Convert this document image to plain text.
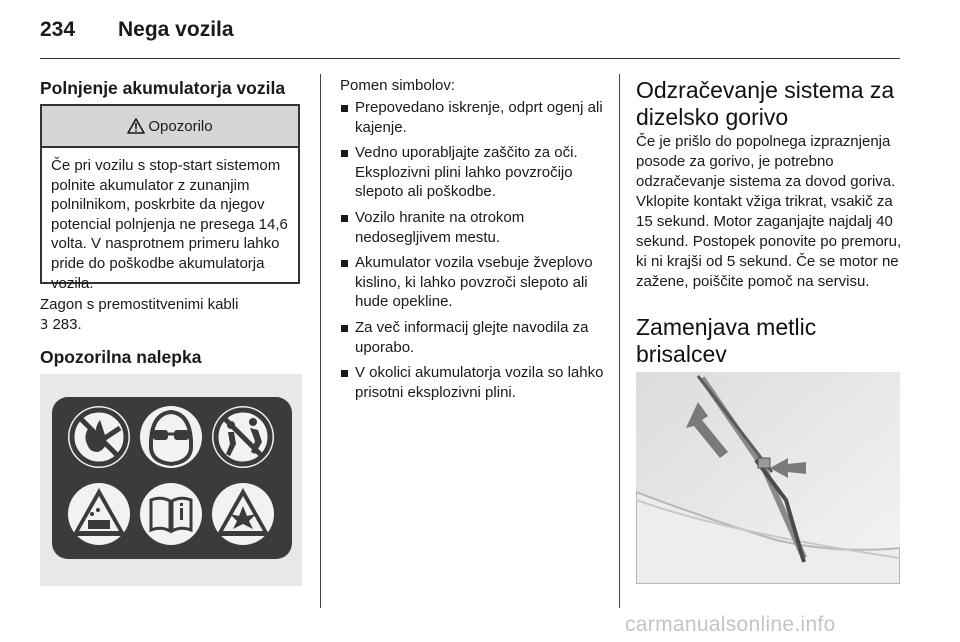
234 Nega vozila
Polnjenje akumulatorja vozila
Opozorilo
Če pri vozilu s stop-start sistemom polnite akumulator z zunanjim polnilnikom, poskrbite da njegov potencial polnjenja ne presega 14,6 volta. V nasprotnem primeru lahko pride do poškodbe akumulatorja vozila.
Zagon s premostitvenimi kabli
3 283.
Opozorilna nalepka
Pomen simbolov:
Prepovedano iskrenje, odprt ogenj ali kajenje.
Vedno uporabljajte zaščito za oči. Eksplozivni plini lahko povzročijo slepoto ali poškodbe.
Vozilo hranite na otrokom nedosegljivem mestu.
Akumulator vozila vsebuje žveplovo kislino, ki lahko povzroči slepoto ali hude opekline.
Za več informacij glejte navodila za uporabo.
V okolici akumulatorja vozila so lahko prisotni eksplozivni plini.
Odzračevanje sistema za
dizelsko gorivo
Če je prišlo do popolnega izpraznjenja posode za gorivo, je potrebno odzračevanje sistema za dovod goriva. Vklopite kontakt vžiga trikrat, vsakič za 15 sekund. Motor zaganjajte najdalj 40 sekund. Postopek ponovite po premoru, ki ni krajši od 5 sekund. Če se motor ne zažene, poiščite pomoč na servisu.
Zamenjava metlic
brisalcev
carmanualsonline.info
